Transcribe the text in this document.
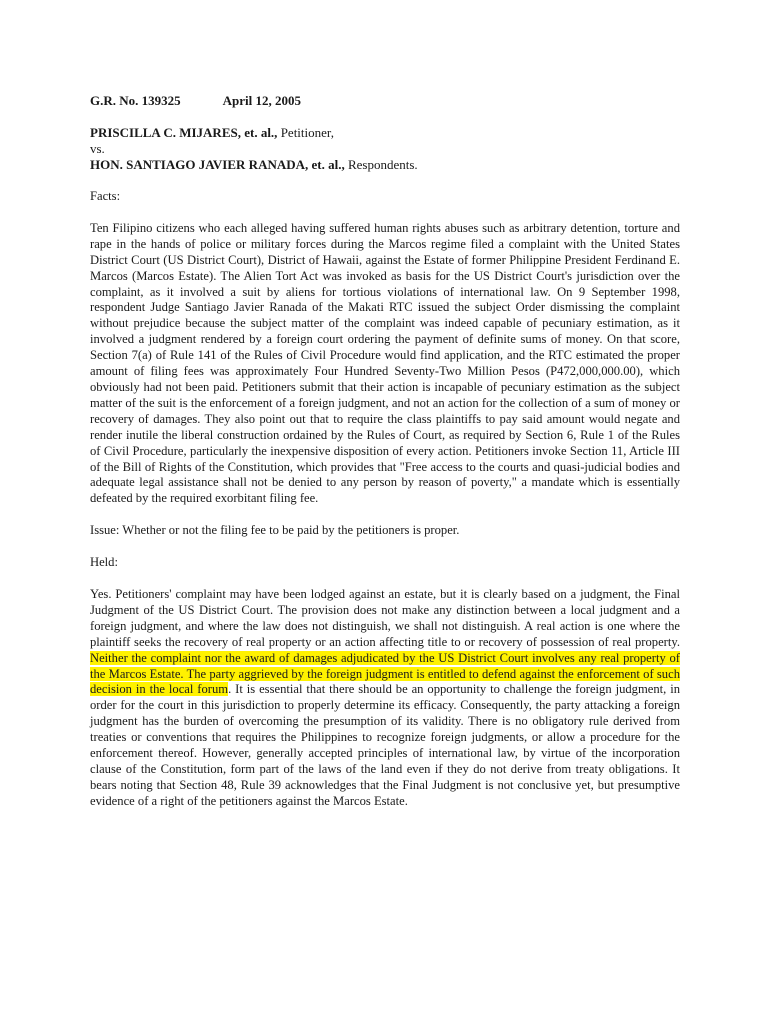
G.R. No. 139325	April 12, 2005
PRISCILLA C. MIJARES, et. al., Petitioner,
vs.
HON. SANTIAGO JAVIER RANADA, et. al., Respondents.

Facts:

Ten Filipino citizens who each alleged having suffered human rights abuses such as arbitrary detention, torture and rape in the hands of police or military forces during the Marcos regime filed a complaint with the United States District Court (US District Court), District of Hawaii, against the Estate of former Philippine President Ferdinand E. Marcos (Marcos Estate). The Alien Tort Act was invoked as basis for the US District Court's jurisdiction over the complaint, as it involved a suit by aliens for tortious violations of international law. On 9 September 1998, respondent Judge Santiago Javier Ranada of the Makati RTC issued the subject Order dismissing the complaint without prejudice because the subject matter of the complaint was indeed capable of pecuniary estimation, as it involved a judgment rendered by a foreign court ordering the payment of definite sums of money. On that score, Section 7(a) of Rule 141 of the Rules of Civil Procedure would find application, and the RTC estimated the proper amount of filing fees was approximately Four Hundred Seventy-Two Million Pesos (P472,000,000.00), which obviously had not been paid. Petitioners submit that their action is incapable of pecuniary estimation as the subject matter of the suit is the enforcement of a foreign judgment, and not an action for the collection of a sum of money or recovery of damages. They also point out that to require the class plaintiffs to pay said amount would negate and render inutile the liberal construction ordained by the Rules of Court, as required by Section 6, Rule 1 of the Rules of Civil Procedure, particularly the inexpensive disposition of every action. Petitioners invoke Section 11, Article III of the Bill of Rights of the Constitution, which provides that "Free access to the courts and quasi-judicial bodies and adequate legal assistance shall not be denied to any person by reason of poverty," a mandate which is essentially defeated by the required exorbitant filing fee.

Issue: Whether or not the filing fee to be paid by the petitioners is proper.

Held:

Yes. Petitioners' complaint may have been lodged against an estate, but it is clearly based on a judgment, the Final Judgment of the US District Court. The provision does not make any distinction between a local judgment and a foreign judgment, and where the law does not distinguish, we shall not distinguish. A real action is one where the plaintiff seeks the recovery of real property or an action affecting title to or recovery of possession of real property. Neither the complaint nor the award of damages adjudicated by the US District Court involves any real property of the Marcos Estate. The party aggrieved by the foreign judgment is entitled to defend against the enforcement of such decision in the local forum. It is essential that there should be an opportunity to challenge the foreign judgment, in order for the court in this jurisdiction to properly determine its efficacy. Consequently, the party attacking a foreign judgment has the burden of overcoming the presumption of its validity. There is no obligatory rule derived from treaties or conventions that requires the Philippines to recognize foreign judgments, or allow a procedure for the enforcement thereof. However, generally accepted principles of international law, by virtue of the incorporation clause of the Constitution, form part of the laws of the land even if they do not derive from treaty obligations. It bears noting that Section 48, Rule 39 acknowledges that the Final Judgment is not conclusive yet, but presumptive evidence of a right of the petitioners against the Marcos Estate.
